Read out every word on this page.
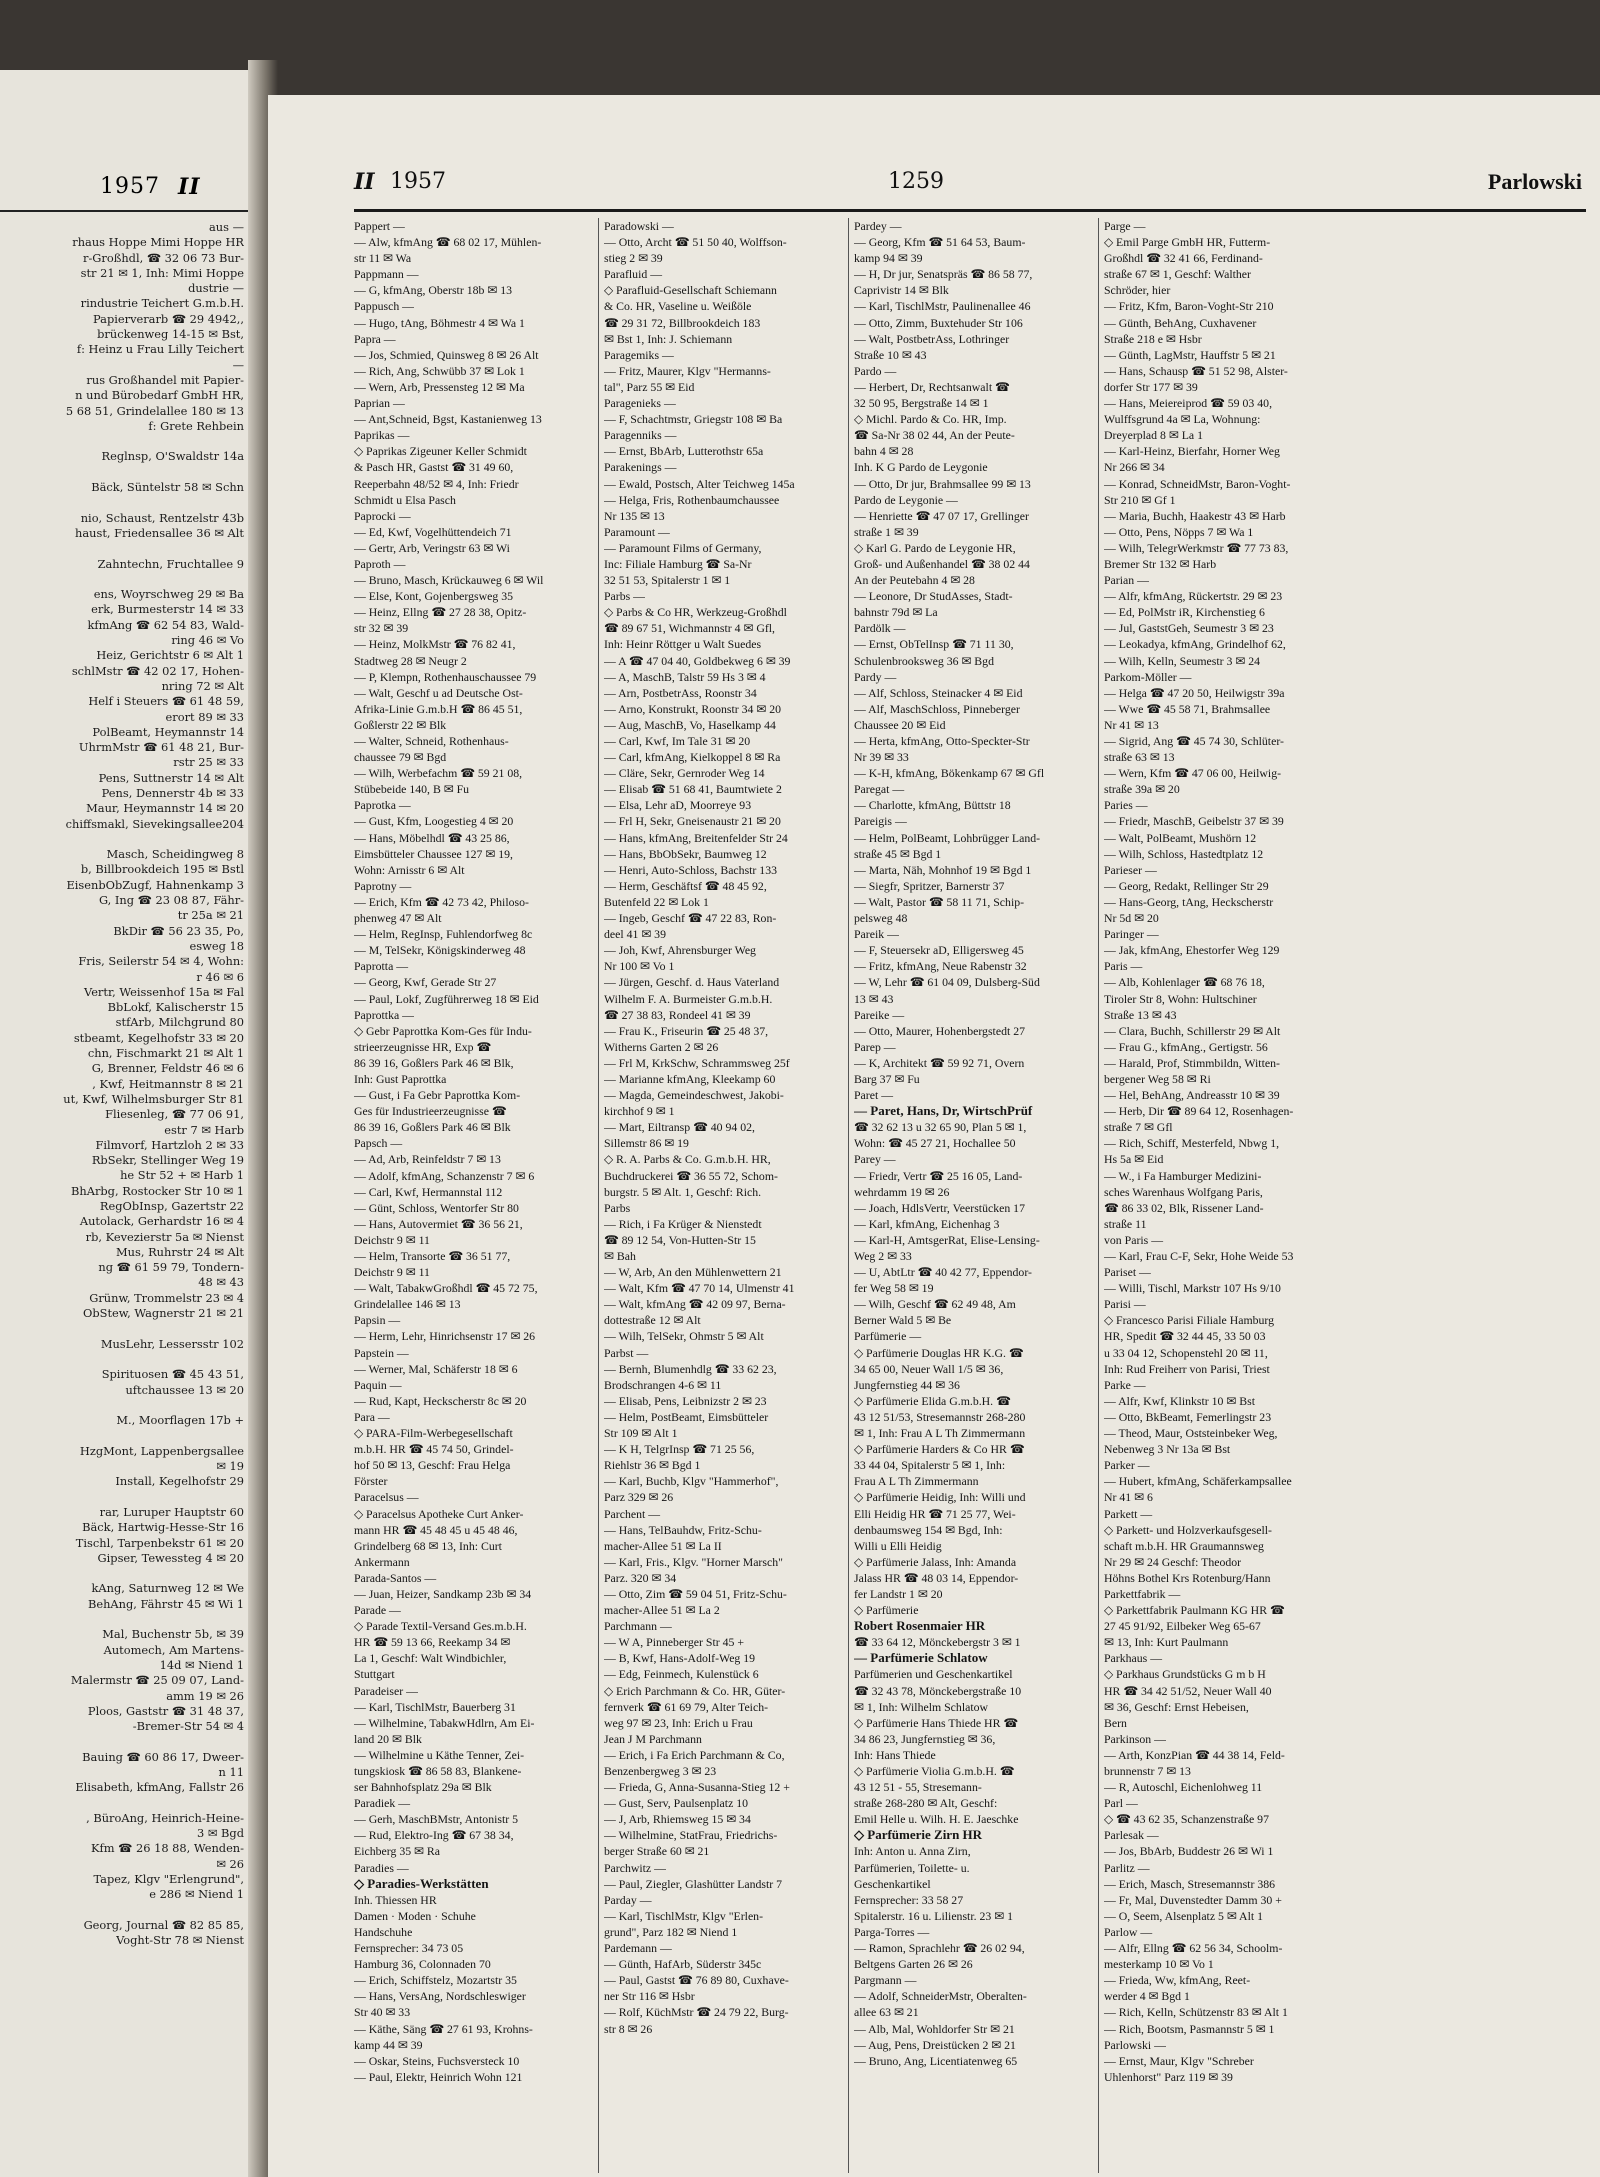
1957 II
aus —
rhaus Hoppe Mimi Hoppe HR
r-Großhdl, ☎ 32 06 73 Bur-
str 21 ✉ 1, Inh: Mimi Hoppe
dustrie —
rindustrie Teichert G.m.b.H.
Papierverarb ☎ 29 4942,,
brückenweg 14-15 ✉ Bst,
f: Heinz u Frau Lilly Teichert
—
rus Großhandel mit Papier-
n und Bürobedarf GmbH HR,
5 68 51, Grindelallee 180 ✉ 13
f: Grete Rehbein
Reglnsp, O'Swaldstr 14a
Bäck, Süntelstr 58 ✉ Schn
nio, Schaust, Rentzelstr 43b
haust, Friedensallee 36 ✉ Alt
Zahntechn, Fruchtallee 9
ens, Woyrschweg 29 ✉ Ba
erk, Burmesterstr 14 ✉ 33
kfmAng ☎ 62 54 83, Wald-
ring 46 ✉ Vo
Heiz, Gerichtstr 6 ✉ Alt 1
schlMstr ☎ 42 02 17, Hohen-
nring 72 ✉ Alt
Helf i Steuers ☎ 61 48 59,
erort 89 ✉ 33
PolBeamt, Heymannstr 14
UhrmMstr ☎ 61 48 21, Bur-
rstr 25 ✉ 33
Pens, Suttnerstr 14 ✉ Alt
Pens, Dennerstr 4b ✉ 33
Maur, Heymannstr 14 ✉ 20
chiffsmakl, Sievekingsallee204
Masch, Scheidingweg 8
b, Billbrookdeich 195 ✉ Bstl
EisenbObZugf, Hahnenkamp 3
G, Ing ☎ 23 08 87, Fähr-
tr 25a ✉ 21
BkDir ☎ 56 23 35, Po,
esweg 18
Fris, Seilerstr 54 ✉ 4, Wohn:
r 46 ✉ 6
Vertr, Weissenhof 15a ✉ Fal
BbLokf, Kalischerstr 15
stfArb, Milchgrund 80
stbeamt, Kegelhofstr 33 ✉ 20
chn, Fischmarkt 21 ✉ Alt 1
G, Brenner, Feldstr 46 ✉ 6
, Kwf, Heitmannstr 8 ✉ 21
ut, Kwf, Wilhelmsburger Str 81
Fliesenleg, ☎ 77 06 91,
estr 7 ✉ Harb
Filmvorf, Hartzloh 2 ✉ 33
RbSekr, Stellinger Weg 19
he Str 52 + ✉ Harb 1
BhArbg, Rostocker Str 10 ✉ 1
RegObInsp, Gazertstr 22
Autolack, Gerhardstr 16 ✉ 4
rb, Kevezierstr 5a ✉ Nienst
Mus, Ruhrstr 24 ✉ Alt
ng ☎ 61 59 79, Tondern-
48 ✉ 43
Grünw, Trommelstr 23 ✉ 4
ObStew, Wagnerstr 21 ✉ 21
MusLehr, Lessersstr 102
Spirituosen ☎ 45 43 51,
uftchaussee 13 ✉ 20
M., Moorflagen 17b +
HzgMont, Lappenbergsallee
✉ 19
Install, Kegelhofstr 29
rar, Luruper Hauptstr 60
Bäck, Hartwig-Hesse-Str 16
Tischl, Tarpenbekstr 61 ✉ 20
Gipser, Tewessteg 4 ✉ 20
kAng, Saturnweg 12 ✉ We
BehAng, Fährstr 45 ✉ Wi 1
Mal, Buchenstr 5b, ✉ 39
Automech, Am Martens-
14d ✉ Niend 1
Malermstr ☎ 25 09 07, Land-
amm 19 ✉ 26
Ploos, Gaststr ☎ 31 48 37,
-Bremer-Str 54 ✉ 4
Bauing ☎ 60 86 17, Dweer-
n 11
Elisabeth, kfmAng, Fallstr 26
, BüroAng, Heinrich-Heine-
3 ✉ Bgd
Kfm ☎ 26 18 88, Wenden-
✉ 26
Tapez, Klgv "Erlengrund",
e 286 ✉ Niend 1
Georg, Journal ☎ 82 85 85,
Voght-Str 78 ✉ Nienst
II 1957	1259	Parlowski
Pappert —
— Alw, kfmAng ☎ 68 02 17, Mühlen-
str 11 ✉ Wa
Pappmann —
— G, kfmAng, Oberstr 18b ✉ 13
Pappusch —
— Hugo, tAng, Böhmestr 4 ✉ Wa 1
Papra —
— Jos, Schmied, Quinsweg 8 ✉ 26 Alt
— Rich, Ang, Schwübb 37 ✉ Lok 1
— Wern, Arb, Pressensteg 12 ✉ Ma
Paprian —
— Ant,Schneid, Bgst, Kastanienweg 13
Paprikas —
◇ Paprikas Zigeuner Keller Schmidt
& Pasch HR, Gastst ☎ 31 49 60,
Reeperbahn 48/52 ✉ 4, Inh: Friedr
Schmidt u Elsa Pasch
Paprocki —
— Ed, Kwf, Vogelhüttendeich 71
— Gertr, Arb, Veringstr 63 ✉ Wi
Paproth —
— Bruno, Masch, Krückauweg 6 ✉ Wil
— Else, Kont, Gojenbergsweg 35
— Heinz, Ellng ☎ 27 28 38, Opitz-
str 32 ✉ 39
— Heinz, MolkMstr ☎ 76 82 41,
Stadtweg 28 ✉ Neugr 2
— P, Klempn, Rothenhauschaussee 79
— Walt, Geschf u ad Deutsche Ost-
Afrika-Linie G.m.b.H ☎ 86 45 51,
Goßlerstr 22 ✉ Blk
— Walter, Schneid, Rothenhaus-
chaussee 79 ✉ Bgd
— Wilh, Werbefachm ☎ 59 21 08,
Stübebeide 140, B ✉ Fu
Paprotka —
— Gust, Kfm, Loogestieg 4 ✉ 20
— Hans, Möbelhdl ☎ 43 25 86,
Eimsbütteler Chaussee 127 ✉ 19,
Wohn: Arnisstr 6 ✉ Alt
Paprotny —
— Erich, Kfm ☎ 42 73 42, Philoso-
phenweg 47 ✉ Alt
— Helm, RegInsp, Fuhlendorfweg 8c
— M, TelSekr, Königskinderweg 48
Paprotta —
— Georg, Kwf, Gerade Str 27
— Paul, Lokf, Zugführerweg 18 ✉ Eid
Paprottka —
◇ Gebr Paprottka Kom-Ges für Indu-
strieerzeugnisse HR, Exp ☎
86 39 16, Goßlers Park 46 ✉ Blk,
Inh: Gust Paprottka
— Gust, i Fa Gebr Paprottka Kom-
Ges für Industrieerzeugnisse ☎
86 39 16, Goßlers Park 46 ✉ Blk
Papsch —
— Ad, Arb, Reinfeldstr 7 ✉ 13
— Adolf, kfmAng, Schanzenstr 7 ✉ 6
— Carl, Kwf, Hermannstal 112
— Günt, Schloss, Wentorfer Str 80
— Hans, Autovermiet ☎ 36 56 21,
Deichstr 9 ✉ 11
— Helm, Transorte ☎ 36 51 77,
Deichstr 9 ✉ 11
— Walt, TabakwGroßhdl ☎ 45 72 75,
Grindelallee 146 ✉ 13
Papsin —
— Herm, Lehr, Hinrichsenstr 17 ✉ 26
Papstein —
— Werner, Mal, Schäferstr 18 ✉ 6
Paquin —
— Rud, Kapt, Heckscherstr 8c ✉ 20
Para —
◇ PARA-Film-Werbegesellschaft
m.b.H. HR ☎ 45 74 50, Grindel-
hof 50 ✉ 13, Geschf: Frau Helga
Förster
Paracelsus —
◇ Paracelsus Apotheke Curt Anker-
mann HR ☎ 45 48 45 u 45 48 46,
Grindelberg 68 ✉ 13, Inh: Curt
Ankermann
Parada-Santos —
— Juan, Heizer, Sandkamp 23b ✉ 34
Parade —
◇ Parade Textil-Versand Ges.m.b.H.
HR ☎ 59 13 66, Reekamp 34 ✉
La 1, Geschf: Walt Windbichler,
Stuttgart
Paradeiser —
— Karl, TischlMstr, Bauerberg 31
— Wilhelmine, TabakwHdlrn, Am Ei-
land 20 ✉ Blk
— Wilhelmine u Käthe Tenner, Zei-
tungskiosk ☎ 86 58 83, Blankene-
ser Bahnhofsplatz 29a ✉ Blk
Paradiek —
— Gerh, MaschBMstr, Antonistr 5
— Rud, Elektro-Ing ☎ 67 38 34,
Eichberg 35 ✉ Ra
Paradies —
◇ Paradies-Werkstätten
Inh. Thiessen HR
Damen · Moden · Schuhe
Handschuhe
Fernsprecher: 34 73 05
Hamburg 36, Colonnaden 70
— Erich, Schiffstelz, Mozartstr 35
— Hans, VersAng, Nordschleswiger
Str 40 ✉ 33
— Käthe, Säng ☎ 27 61 93, Krohns-
kamp 44 ✉ 39
— Oskar, Steins, Fuchsversteck 10
— Paul, Elektr, Heinrich Wohn 121
Paradowski —
— Otto, Archt ☎ 51 50 40, Wolffson-
stieg 2 ✉ 39
Parafluid —
◇ Parafluid-Gesellschaft Schiemann
& Co. HR, Vaseline u. Weißöle
☎ 29 31 72, Billbrookdeich 183
✉ Bst 1, Inh: J. Schiemann
Paragemiks —
— Fritz, Maurer, Klgv "Hermanns-
tal", Parz 55 ✉ Eid
Paragenieks —
— F, Schachtmstr, Griegstr 108 ✉ Ba
Paragenniks —
— Ernst, BbArb, Lutterothstr 65a
Parakenings —
— Ewald, Postsch, Alter Teichweg 145a
— Helga, Fris, Rothenbaumchaussee
Nr 135 ✉ 13
Paramount —
— Paramount Films of Germany,
Inc: Filiale Hamburg ☎ Sa-Nr
32 51 53, Spitalerstr 1 ✉ 1
Parbs —
◇ Parbs & Co HR, Werkzeug-Großhdl
☎ 89 67 51, Wichmannstr 4 ✉ Gfl,
Inh: Heinr Röttger u Walt Suedes
— A ☎ 47 04 40, Goldbekweg 6 ✉ 39
— A, MaschB, Talstr 59 Hs 3 ✉ 4
— Arn, PostbetrAss, Roonstr 34
— Arno, Konstrukt, Roonstr 34 ✉ 20
— Aug, MaschB, Vo, Haselkamp 44
— Carl, Kwf, Im Tale 31 ✉ 20
— Carl, kfmAng, Kielkoppel 8 ✉ Ra
— Cläre, Sekr, Gernroder Weg 14
— Elisab ☎ 51 68 41, Baumtwiete 2
— Elsa, Lehr aD, Moorreye 93
— Frl H, Sekr, Gneisenaustr 21 ✉ 20
— Hans, kfmAng, Breitenfelder Str 24
— Hans, BbObSekr, Baumweg 12
— Henri, Auto-Schloss, Bachstr 133
— Herm, Geschäftsf ☎ 48 45 92,
Butenfeld 22 ✉ Lok 1
— Ingeb, Geschf ☎ 47 22 83, Ron-
deel 41 ✉ 39
— Joh, Kwf, Ahrensburger Weg
Nr 100 ✉ Vo 1
— Jürgen, Geschf. d. Haus Vaterland
Wilhelm F. A. Burmeister G.m.b.H.
☎ 27 38 83, Rondeel 41 ✉ 39
— Frau K., Friseurin ☎ 25 48 37,
Witherns Garten 2 ✉ 26
— Frl M, KrkSchw, Schrammsweg 25f
— Marianne kfmAng, Kleekamp 60
— Magda, Gemeindeschwest, Jakobi-
kirchhof 9 ✉ 1
— Mart, Eiltransp ☎ 40 94 02,
Sillemstr 86 ✉ 19
◇ R. A. Parbs & Co. G.m.b.H. HR,
Buchdruckerei ☎ 36 55 72, Schom-
burgstr. 5 ✉ Alt. 1, Geschf: Rich.
Parbs
— Rich, i Fa Krüger & Nienstedt
☎ 89 12 54, Von-Hutten-Str 15
✉ Bah
— W, Arb, An den Mühlenwettern 21
— Walt, Kfm ☎ 47 70 14, Ulmenstr 41
— Walt, kfmAng ☎ 42 09 97, Berna-
dottestraße 12 ✉ Alt
— Wilh, TelSekr, Ohmstr 5 ✉ Alt
Parbst —
— Bernh, Blumenhdlg ☎ 33 62 23,
Brodschrangen 4-6 ✉ 11
— Elisab, Pens, Leibnizstr 2 ✉ 23
— Helm, PostBeamt, Eimsbütteler
Str 109 ✉ Alt 1
— K H, TelgrInsp ☎ 71 25 56,
Riehlstr 36 ✉ Bgd 1
— Karl, Buchb, Klgv "Hammerhof",
Parz 329 ✉ 26
Parchent —
— Hans, TelBauhdw, Fritz-Schu-
macher-Allee 51 ✉ La II
— Karl, Fris., Klgv. "Horner Marsch"
Parz. 320 ✉ 34
— Otto, Zim ☎ 59 04 51, Fritz-Schu-
macher-Allee 51 ✉ La 2
Parchmann —
— W A, Pinneberger Str 45 +
— B, Kwf, Hans-Adolf-Weg 19
— Edg, Feinmech, Kulenstück 6
◇ Erich Parchmann & Co. HR, Güter-
fernverk ☎ 61 69 79, Alter Teich-
weg 97 ✉ 23, Inh: Erich u Frau
Jean J M Parchmann
— Erich, i Fa Erich Parchmann & Co,
Benzenbergweg 3 ✉ 23
— Frieda, G, Anna-Susanna-Stieg 12 +
— Gust, Serv, Paulsenplatz 10
— J, Arb, Rhiemsweg 15 ✉ 34
— Wilhelmine, StatFrau, Friedrichs-
berger Straße 60 ✉ 21
Parchwitz —
— Paul, Ziegler, Glashütter Landstr 7
Parday —
— Karl, TischlMstr, Klgv "Erlen-
grund", Parz 182 ✉ Niend 1
Pardemann —
— Günth, HafArb, Süderstr 345c
— Paul, Gastst ☎ 76 89 80, Cuxhave-
ner Str 116 ✉ Hsbr
— Rolf, KüchMstr ☎ 24 79 22, Burg-
str 8 ✉ 26
Pardey —
— Georg, Kfm ☎ 51 64 53, Baum-
kamp 94 ✉ 39
— H, Dr jur, Senatspräs ☎ 86 58 77,
Caprivistr 14 ✉ Blk
— Karl, TischlMstr, Paulinenallee 46
— Otto, Zimm, Buxtehuder Str 106
— Walt, PostbetrAss, Lothringer
Straße 10 ✉ 43
Pardo —
— Herbert, Dr, Rechtsanwalt ☎
32 50 95, Bergstraße 14 ✉ 1
◇ Michl. Pardo & Co. HR, Imp.
☎ Sa-Nr 38 02 44, An der Peute-
bahn 4 ✉ 28
Inh. K G Pardo de Leygonie
— Otto, Dr jur, Brahmsallee 99 ✉ 13
Pardo de Leygonie —
— Henriette ☎ 47 07 17, Grellinger
straße 1 ✉ 39
◇ Karl G. Pardo de Leygonie HR,
Groß- und Außenhandel ☎ 38 02 44
An der Peutebahn 4 ✉ 28
— Leonore, Dr StudAsses, Stadt-
bahnstr 79d ✉ La
Pardölk —
— Ernst, ObTelInsp ☎ 71 11 30,
Schulenbrooksweg 36 ✉ Bgd
Pardy —
— Alf, Schloss, Steinacker 4 ✉ Eid
— Alf, MaschSchloss, Pinneberger
Chaussee 20 ✉ Eid
— Herta, kfmAng, Otto-Speckter-Str
Nr 39 ✉ 33
— K-H, kfmAng, Bökenkamp 67 ✉ Gfl
Paregat —
— Charlotte, kfmAng, Büttstr 18
Pareigis —
— Helm, PolBeamt, Lohbrügger Land-
straße 45 ✉ Bgd 1
— Marta, Näh, Mohnhof 19 ✉ Bgd 1
— Siegfr, Spritzer, Barnerstr 37
— Walt, Pastor ☎ 58 11 71, Schip-
pelsweg 48
Pareik —
— F, Steuersekr aD, Elligersweg 45
— Fritz, kfmAng, Neue Rabenstr 32
— W, Lehr ☎ 61 04 09, Dulsberg-Süd
13 ✉ 43
Pareike —
— Otto, Maurer, Hohenbergstedt 27
Parep —
— K, Architekt ☎ 59 92 71, Overn
Barg 37 ✉ Fu
Paret —
— Paret, Hans, Dr, WirtschPrüf
☎ 32 62 13 u 32 65 90, Plan 5 ✉ 1,
Wohn: ☎ 45 27 21, Hochallee 50
Parey —
— Friedr, Vertr ☎ 25 16 05, Land-
wehrdamm 19 ✉ 26
— Joach, HdlsVertr, Veerstücken 17
— Karl, kfmAng, Eichenhag 3
— Karl-H, AmtsgerRat, Elise-Lensing-
Weg 2 ✉ 33
— U, AbtLtr ☎ 40 42 77, Eppendor-
fer Weg 58 ✉ 19
— Wilh, Geschf ☎ 62 49 48, Am
Berner Wald 5 ✉ Be
Parfümerie —
◇ Parfümerie Douglas HR K.G. ☎
34 65 00, Neuer Wall 1/5 ✉ 36,
Jungfernstieg 44 ✉ 36
◇ Parfümerie Elida G.m.b.H. ☎
43 12 51/53, Stresemannstr 268-280
✉ 1, Inh: Frau A L Th Zimmermann
◇ Parfümerie Harders & Co HR ☎
33 44 04, Spitalerstr 5 ✉ 1, Inh:
Frau A L Th Zimmermann
◇ Parfümerie Heidig, Inh: Willi und
Elli Heidig HR ☎ 71 25 77, Wei-
denbaumsweg 154 ✉ Bgd, Inh:
Willi u Elli Heidig
◇ Parfümerie Jalass, Inh: Amanda
Jalass HR ☎ 48 03 14, Eppendor-
fer Landstr 1 ✉ 20
◇ Parfümerie
Robert Rosenmaier HR
☎ 33 64 12, Mönckebergstr 3 ✉ 1
— Parfümerie Schlatow
Parfümerien und Geschenkartikel
☎ 32 43 78, Mönckebergstraße 10
✉ 1, Inh: Wilhelm Schlatow
◇ Parfümerie Hans Thiede HR ☎
34 86 23, Jungfernstieg ✉ 36,
Inh: Hans Thiede
◇ Parfümerie Violia G.m.b.H. ☎
43 12 51 - 55, Stresemann-
straße 268-280 ✉ Alt, Geschf:
Emil Helle u. Wilh. H. E. Jaeschke
◇ Parfümerie Zirn HR
Inh: Anton u. Anna Zirn,
Parfümerien, Toilette- u.
Geschenkartikel
Fernsprecher: 33 58 27
Spitalerstr. 16 u. Lilienstr. 23 ✉ 1
Parga-Torres —
— Ramon, Sprachlehr ☎ 26 02 94,
Beltgens Garten 26 ✉ 26
Pargmann —
— Adolf, SchneiderMstr, Oberalten-
allee 63 ✉ 21
— Alb, Mal, Wohldorfer Str ✉ 21
— Aug, Pens, Dreistücken 2 ✉ 21
— Bruno, Ang, Licentiatenweg 65
Parge —
◇ Emil Parge GmbH HR, Futterm-
Großhdl ☎ 32 41 66, Ferdinand-
straße 67 ✉ 1, Geschf: Walther
Schröder, hier
— Fritz, Kfm, Baron-Voght-Str 210
— Günth, BehAng, Cuxhavener
Straße 218 e ✉ Hsbr
— Günth, LagMstr, Hauffstr 5 ✉ 21
— Hans, Schausp ☎ 51 52 98, Alster-
dorfer Str 177 ✉ 39
— Hans, Meiereiprod ☎ 59 03 40,
Wulffsgrund 4a ✉ La, Wohnung:
Dreyerplad 8 ✉ La 1
— Karl-Heinz, Bierfahr, Horner Weg
Nr 266 ✉ 34
— Konrad, SchneidMstr, Baron-Voght-
Str 210 ✉ Gf 1
— Maria, Buchh, Haakestr 43 ✉ Harb
— Otto, Pens, Nöpps 7 ✉ Wa 1
— Wilh, TelegrWerkmstr ☎ 77 73 83,
Bremer Str 132 ✉ Harb
Parian —
— Alfr, kfmAng, Rückertstr. 29 ✉ 23
— Ed, PolMstr iR, Kirchenstieg 6
— Jul, GaststGeh, Seumestr 3 ✉ 23
— Leokadya, kfmAng, Grindelhof 62,
— Wilh, Kelln, Seumestr 3 ✉ 24
Parkom-Möller —
— Helga ☎ 47 20 50, Heilwigstr 39a
— Wwe ☎ 45 58 71, Brahmsallee
Nr 41 ✉ 13
— Sigrid, Ang ☎ 45 74 30, Schlüter-
straße 63 ✉ 13
— Wern, Kfm ☎ 47 06 00, Heilwig-
straße 39a ✉ 20
Paries —
— Friedr, MaschB, Geibelstr 37 ✉ 39
— Walt, PolBeamt, Mushörn 12
— Wilh, Schloss, Hastedtplatz 12
Parieser —
— Georg, Redakt, Rellinger Str 29
— Hans-Georg, tAng, Heckscherstr
Nr 5d ✉ 20
Paringer —
— Jak, kfmAng, Ehestorfer Weg 129
Paris —
— Alb, Kohlenlager ☎ 68 76 18,
Tiroler Str 8, Wohn: Hultschiner
Straße 13 ✉ 43
— Clara, Buchh, Schillerstr 29 ✉ Alt
— Frau G., kfmAng., Gertigstr. 56
— Harald, Prof, Stimmbildn, Witten-
bergener Weg 58 ✉ Ri
— Hel, BehAng, Andreasstr 10 ✉ 39
— Herb, Dir ☎ 89 64 12, Rosenhagen-
straße 7 ✉ Gfl
— Rich, Schiff, Mesterfeld, Nbwg 1,
Hs 5a ✉ Eid
— W., i Fa Hamburger Medizini-
sches Warenhaus Wolfgang Paris,
☎ 86 33 02, Blk, Rissener Land-
straße 11
von Paris —
— Karl, Frau C-F, Sekr, Hohe Weide 53
Pariset —
— Willi, Tischl, Markstr 107 Hs 9/10
Parisi —
◇ Francesco Parisi Filiale Hamburg
HR, Spedit ☎ 32 44 45, 33 50 03
u 33 04 12, Schopenstehl 20 ✉ 11,
Inh: Rud Freiherr von Parisi, Triest
Parke —
— Alfr, Kwf, Klinkstr 10 ✉ Bst
— Otto, BkBeamt, Femerlingstr 23
— Theod, Maur, Oststeinbeker Weg,
Nebenweg 3 Nr 13a ✉ Bst
Parker —
— Hubert, kfmAng, Schäferkampsallee
Nr 41 ✉ 6
Parkett —
◇ Parkett- und Holzverkaufsgesell-
schaft m.b.H. HR Graumannsweg
Nr 29 ✉ 24 Geschf: Theodor
Höhns Bothel Krs Rotenburg/Hann
Parkettfabrik —
◇ Parkettfabrik Paulmann KG HR ☎
27 45 91/92, Eilbeker Weg 65-67
✉ 13, Inh: Kurt Paulmann
Parkhaus —
◇ Parkhaus Grundstücks G m b H
HR ☎ 34 42 51/52, Neuer Wall 40
✉ 36, Geschf: Ernst Hebeisen,
Bern
Parkinson —
— Arth, KonzPian ☎ 44 38 14, Feld-
brunnenstr 7 ✉ 13
— R, Autoschl, Eichenlohweg 11
Parl —
◇ ☎ 43 62 35, Schanzenstraße 97
Parlesak —
— Jos, BbArb, Buddestr 26 ✉ Wi 1
Parlitz —
— Erich, Masch, Stresemannstr 386
— Fr, Mal, Duvenstedter Damm 30 +
— O, Seem, Alsenplatz 5 ✉ Alt 1
Parlow —
— Alfr, Ellng ☎ 62 56 34, Schoolm-
mesterkamp 10 ✉ Vo 1
— Frieda, Ww, kfmAng, Reet-
werder 4 ✉ Bgd 1
— Rich, Kelln, Schützenstr 83 ✉ Alt 1
— Rich, Bootsm, Pasmannstr 5 ✉ 1
Parlowski —
— Ernst, Maur, Klgv "Schreber
Uhlenhorst" Parz 119 ✉ 39
